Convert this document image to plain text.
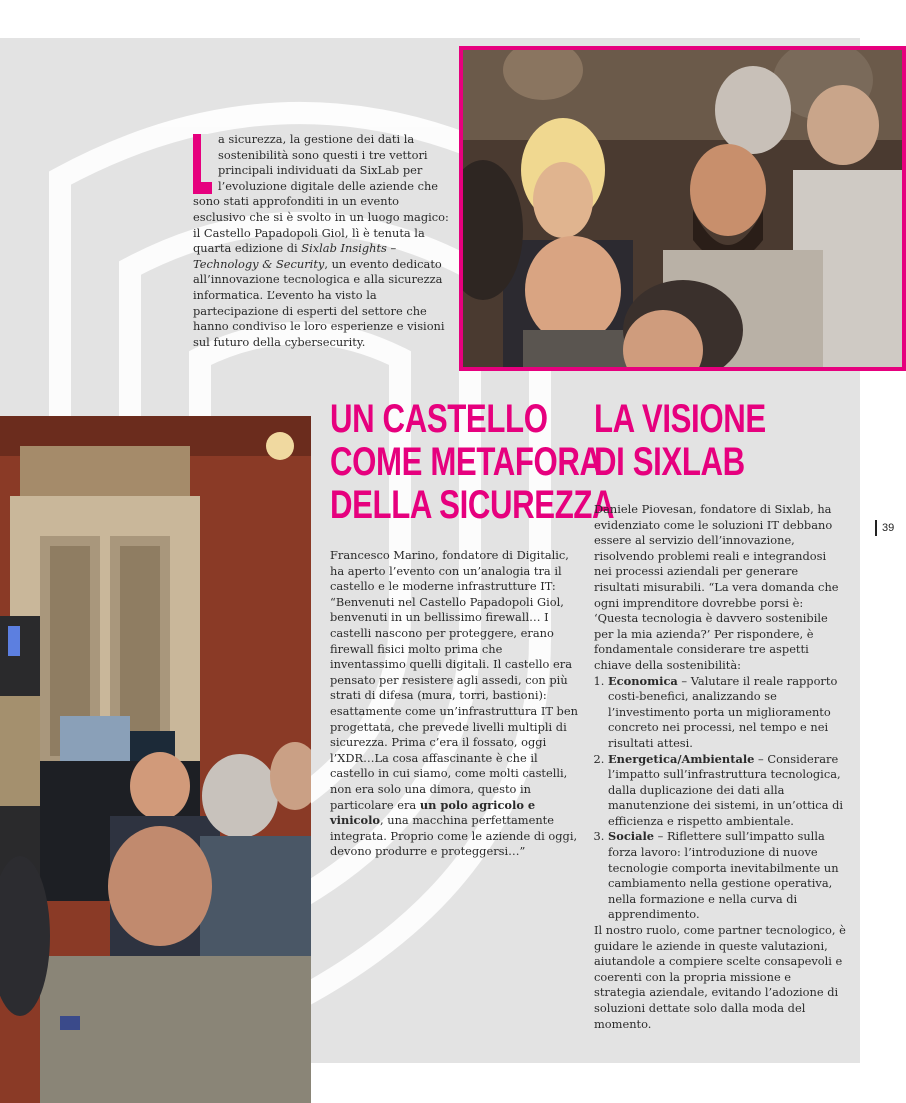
a sicurezza, la gestione dei dati la sostenibilità sono questi i tre vettori principali individuati da SixLab per l’evoluzione digitale delle aziende che sono stati approfonditi in un evento esclusivo che si è svolto in un luogo magico: il Castello Papadopoli Giol, lì è tenuta la quarta edizione di Sixlab Insights – Technology & Security, un evento dedicato all’innovazione tecnologica e alla sicurezza informatica. L’evento ha visto la partecipazione di esperti del settore che hanno condiviso le loro esperienze e visioni sul futuro della cybersecurity.

UN CASTELLO
COME METAFORA
DELLA SICUREZZA

Francesco Marino, fondatore di Digitalic, ha aperto l’evento con un’analogia tra il castello e le moderne infrastrutture IT: “Benvenuti nel Castello Papadopoli Giol, benvenuti in un bellissimo firewall… I castelli nascono per proteggere, erano firewall fisici molto prima che inventassimo quelli digitali. Il castello era pensato per resistere agli assedi, con più strati di difesa (mura, torri, bastioni): esattamente come un’infrastruttura IT ben progettata, che prevede livelli multipli di sicurezza. Prima c’era il fossato, oggi l’XDR…La cosa affascinante è che il castello in cui siamo, come molti castelli, non era solo una dimora, questo in particolare era un polo agricolo e vinicolo, una macchina perfettamente integrata. Proprio come le aziende di oggi, devono produrre e proteggersi…”

LA VISIONE
DI SIXLAB

Daniele Piovesan, fondatore di Sixlab, ha evidenziato come le soluzioni IT debbano essere al servizio dell’innovazione, risolvendo problemi reali e integrandosi nei processi aziendali per generare risultati misurabili. “La vera domanda che ogni imprenditore dovrebbe porsi è: ‘Questa tecnologia è davvero sostenibile per la mia azienda?’ Per rispondere, è fondamentale considerare tre aspetti chiave della sostenibilità:

1. Economica – Valutare il reale rapporto costi-benefici, analizzando se l’investimento porta un miglioramento concreto nei processi, nel tempo e nei risultati attesi.
2. Energetica/Ambientale – Considerare l’impatto sull’infrastruttura tecnologica, dalla duplicazione dei dati alla manutenzione dei sistemi, in un’ottica di efficienza e rispetto ambientale.
3. Sociale – Riflettere sull’impatto sulla forza lavoro: l’introduzione di nuove tecnologie comporta inevitabilmente un cambiamento nella gestione operativa, nella formazione e nella curva di apprendimento.

Il nostro ruolo, come partner tecnologico, è guidare le aziende in queste valutazioni, aiutandole a compiere scelte consapevoli e coerenti con la propria missione e strategia aziendale, evitando l’adozione di soluzioni dettate solo dalla moda del momento.

39
